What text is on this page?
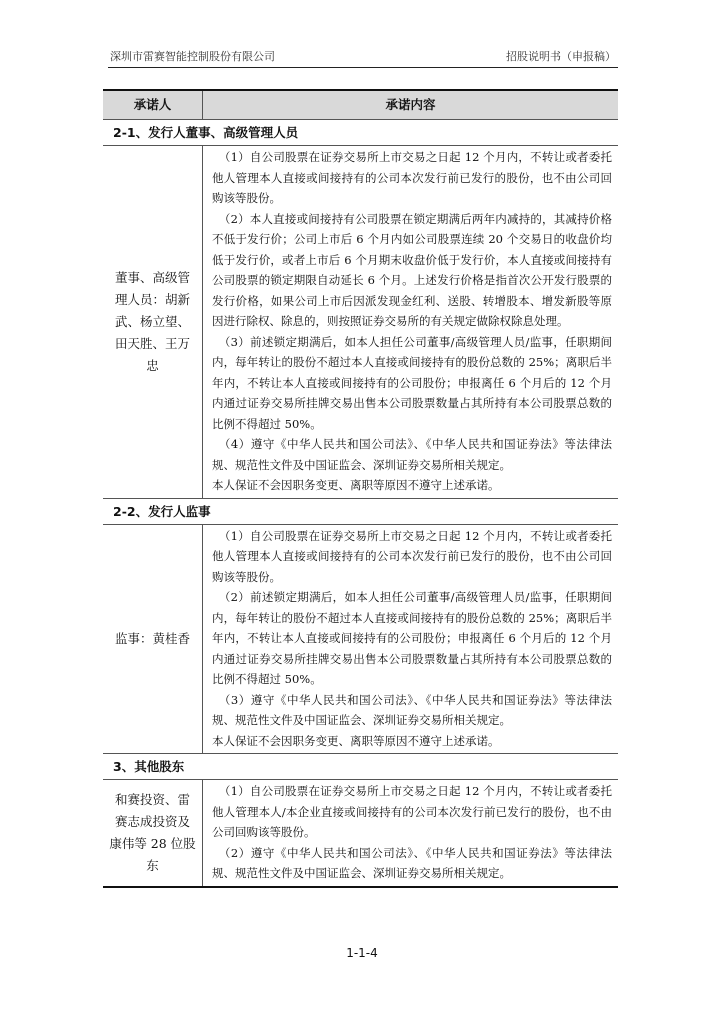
深圳市雷赛智能控制股份有限公司	招股说明书（申报稿）
承诺人	承诺内容
2-1、发行人董事、高级管理人员
董事、高级管理人员：胡新武、杨立望、田天胜、王万忠
（1）自公司股票在证券交易所上市交易之日起 12 个月内，不转让或者委托他人管理本人直接或间接持有的公司本次发行前已发行的股份，也不由公司回购该等股份。
（2）本人直接或间接持有公司股票在锁定期满后两年内减持的，其减持价格不低于发行价；公司上市后 6 个月内如公司股票连续 20 个交易日的收盘价均低于发行价，或者上市后 6 个月期末收盘价低于发行价，本人直接或间接持有公司股票的锁定期限自动延长 6 个月。上述发行价格是指首次公开发行股票的发行价格，如果公司上市后因派发现金红利、送股、转增股本、增发新股等原因进行除权、除息的，则按照证券交易所的有关规定做除权除息处理。
（3）前述锁定期满后，如本人担任公司董事/高级管理人员/监事，任职期间内，每年转让的股份不超过本人直接或间接持有的股份总数的 25%；离职后半年内，不转让本人直接或间接持有的公司股份；申报离任 6 个月后的 12 个月内通过证券交易所挂牌交易出售本公司股票数量占其所持有本公司股票总数的比例不得超过 50%。
（4）遵守《中华人民共和国公司法》、《中华人民共和国证券法》等法律法规、规范性文件及中国证监会、深圳证券交易所相关规定。
本人保证不会因职务变更、离职等原因不遵守上述承诺。
2-2、发行人监事
监事：黄桂香
（1）自公司股票在证券交易所上市交易之日起 12 个月内，不转让或者委托他人管理本人直接或间接持有的公司本次发行前已发行的股份，也不由公司回购该等股份。
（2）前述锁定期满后，如本人担任公司董事/高级管理人员/监事，任职期间内，每年转让的股份不超过本人直接或间接持有的股份总数的 25%；离职后半年内，不转让本人直接或间接持有的公司股份；申报离任 6 个月后的 12 个月内通过证券交易所挂牌交易出售本公司股票数量占其所持有本公司股票总数的比例不得超过 50%。
（3）遵守《中华人民共和国公司法》、《中华人民共和国证券法》等法律法规、规范性文件及中国证监会、深圳证券交易所相关规定。
本人保证不会因职务变更、离职等原因不遵守上述承诺。
3、其他股东
和赛投资、雷赛志成投资及康伟等 28 位股东
（1）自公司股票在证券交易所上市交易之日起 12 个月内，不转让或者委托他人管理本人/本企业直接或间接持有的公司本次发行前已发行的股份，也不由公司回购该等股份。
（2）遵守《中华人民共和国公司法》、《中华人民共和国证券法》等法律法规、规范性文件及中国证监会、深圳证券交易所相关规定。
1-1-4
